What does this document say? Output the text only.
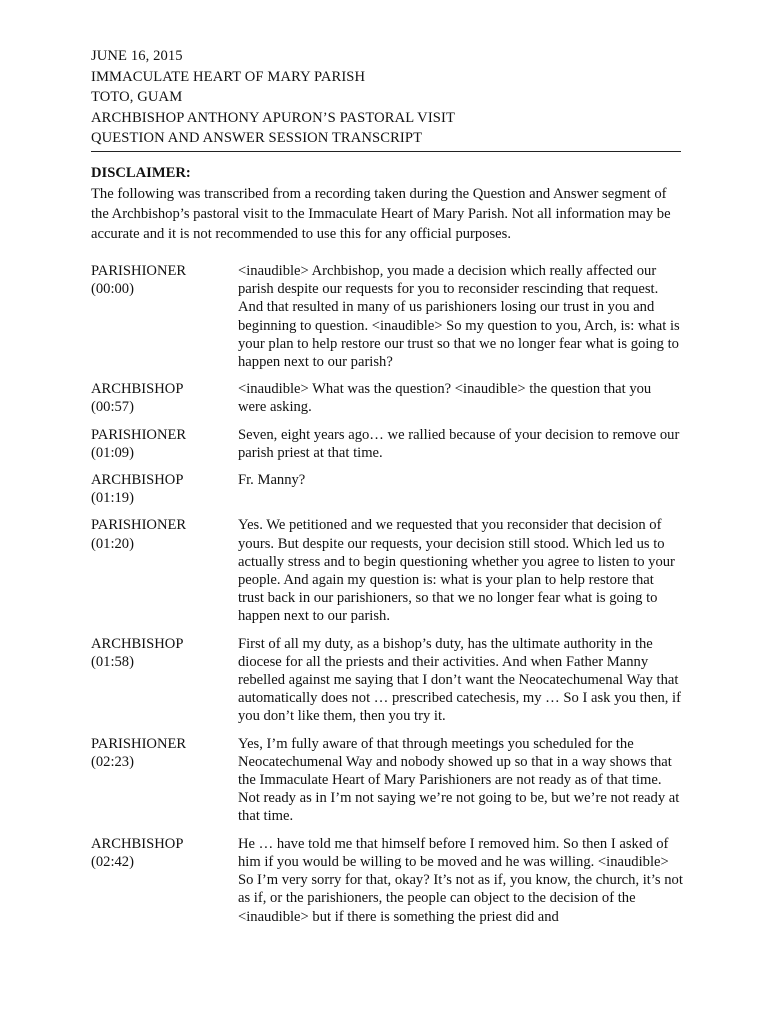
JUNE 16, 2015
IMMACULATE HEART OF MARY PARISH
TOTO, GUAM
ARCHBISHOP ANTHONY APURON’S PASTORAL VISIT
QUESTION AND ANSWER SESSION TRANSCRIPT
DISCLAIMER:
The following was transcribed from a recording taken during the Question and Answer segment of the Archbishop’s pastoral visit to the Immaculate Heart of Mary Parish. Not all information may be accurate and it is not recommended to use this for any official purposes.
PARISHIONER
(00:00)
<inaudible> Archbishop, you made a decision which really affected our parish despite our requests for you to reconsider rescinding that request. And that resulted in many of us parishioners losing our trust in you and beginning to question. <inaudible> So my question to you, Arch, is: what is your plan to help restore our trust so that we no longer fear what is going to happen next to our parish?
ARCHBISHOP
(00:57)
<inaudible> What was the question? <inaudible> the question that you were asking.
PARISHIONER
(01:09)
Seven, eight years ago… we rallied because of your decision to remove our parish priest at that time.
ARCHBISHOP
(01:19)
Fr. Manny?
PARISHIONER
(01:20)
Yes. We petitioned and we requested that you reconsider that decision of yours. But despite our requests, your decision still stood. Which led us to actually stress and to begin questioning whether you agree to listen to your people. And again my question is: what is your plan to help restore that trust back in our parishioners, so that we no longer fear what is going to happen next to our parish.
ARCHBISHOP
(01:58)
First of all my duty, as a bishop’s duty, has the ultimate authority in the diocese for all the priests and their activities. And when Father Manny rebelled against me saying that I don’t want the Neocatechumenal Way that automatically does not … prescribed catechesis, my … So I ask you then, if you don’t like them, then you try it.
PARISHIONER
(02:23)
Yes, I’m fully aware of that through meetings you scheduled for the Neocatechumenal Way and nobody showed up so that in a way shows that the Immaculate Heart of Mary Parishioners are not ready as of that time. Not ready as in I’m not saying we’re not going to be, but we’re not ready at that time.
ARCHBISHOP
(02:42)
He … have told me that himself before I removed him. So then I asked of him if you would be willing to be moved and he was willing. <inaudible> So I’m very sorry for that, okay? It’s not as if, you know, the church, it’s not as if, or the parishioners, the people can object to the decision of the <inaudible> but if there is something the priest did and
